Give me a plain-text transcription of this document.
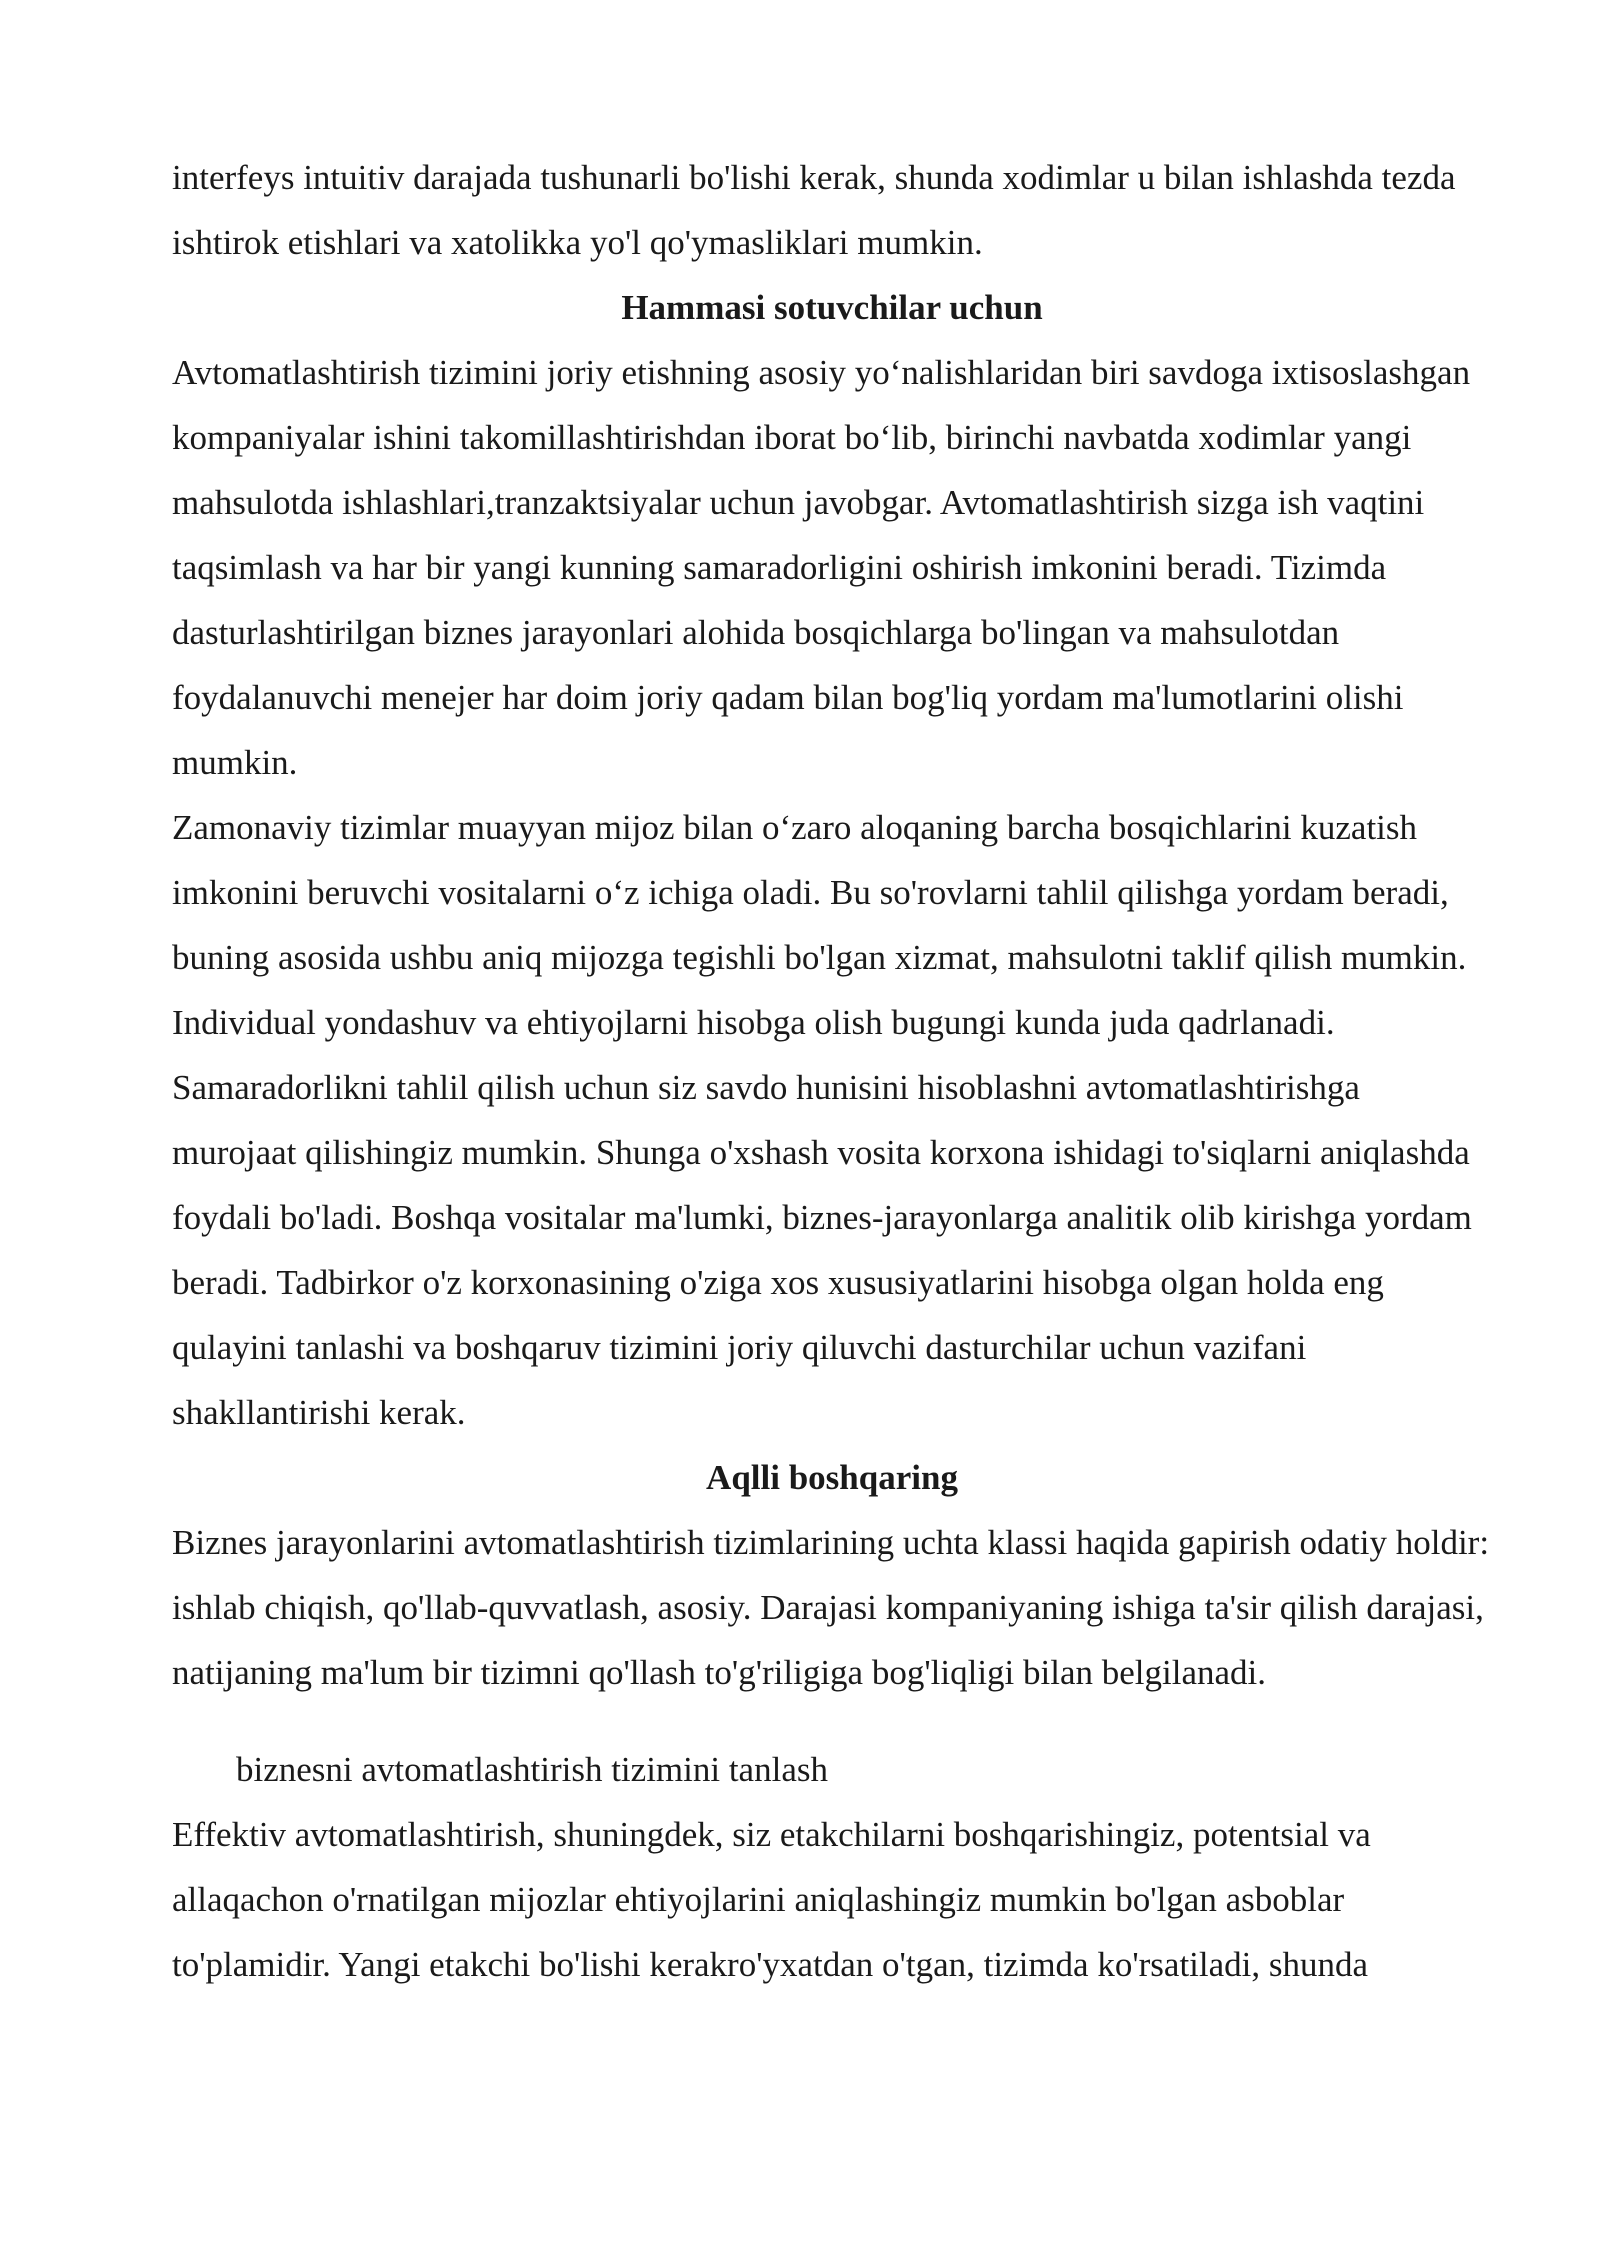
interfeys intuitiv darajada tushunarli bo'lishi kerak, shunda xodimlar u bilan ishlashda tezda ishtirok etishlari va xatolikka yo'l qo'ymasliklari mumkin.

Hammasi sotuvchilar uchun

Avtomatlashtirish tizimini joriy etishning asosiy yo‘nalishlaridan biri savdoga ixtisoslashgan kompaniyalar ishini takomillashtirishdan iborat bo‘lib, birinchi navbatda xodimlar yangi mahsulotda ishlashlari,tranzaktsiyalar uchun javobgar. Avtomatlashtirish sizga ish vaqtini taqsimlash va har bir yangi kunning samaradorligini oshirish imkonini beradi. Tizimda dasturlashtirilgan biznes jarayonlari alohida bosqichlarga bo'lingan va mahsulotdan foydalanuvchi menejer har doim joriy qadam bilan bog'liq yordam ma'lumotlarini olishi mumkin.

Zamonaviy tizimlar muayyan mijoz bilan o‘zaro aloqaning barcha bosqichlarini kuzatish imkonini beruvchi vositalarni o‘z ichiga oladi. Bu so'rovlarni tahlil qilishga yordam beradi, buning asosida ushbu aniq mijozga tegishli bo'lgan xizmat, mahsulotni taklif qilish mumkin. Individual yondashuv va ehtiyojlarni hisobga olish bugungi kunda juda qadrlanadi. Samaradorlikni tahlil qilish uchun siz savdo hunisini hisoblashni avtomatlashtirishga murojaat qilishingiz mumkin. Shunga o'xshash vosita korxona ishidagi to'siqlarni aniqlashda foydali bo'ladi. Boshqa vositalar ma'lumki, biznes-jarayonlarga analitik olib kirishga yordam beradi. Tadbirkor o'z korxonasining o'ziga xos xususiyatlarini hisobga olgan holda eng qulayini tanlashi va boshqaruv tizimini joriy qiluvchi dasturchilar uchun vazifani shakllantirishi kerak.

Aqlli boshqaring

Biznes jarayonlarini avtomatlashtirish tizimlarining uchta klassi haqida gapirish odatiy holdir: ishlab chiqish, qo'llab-quvvatlash, asosiy. Darajasi kompaniyaning ishiga ta'sir qilish darajasi, natijaning ma'lum bir tizimni qo'llash to'g'riligiga bog'liqligi bilan belgilanadi.

biznesni avtomatlashtirish tizimini tanlash

Effektiv avtomatlashtirish, shuningdek, siz etakchilarni boshqarishingiz, potentsial va allaqachon o'rnatilgan mijozlar ehtiyojlarini aniqlashingiz mumkin bo'lgan asboblar to'plamidir. Yangi etakchi bo'lishi kerakro'yxatdan o'tgan, tizimda ko'rsatiladi, shunda
